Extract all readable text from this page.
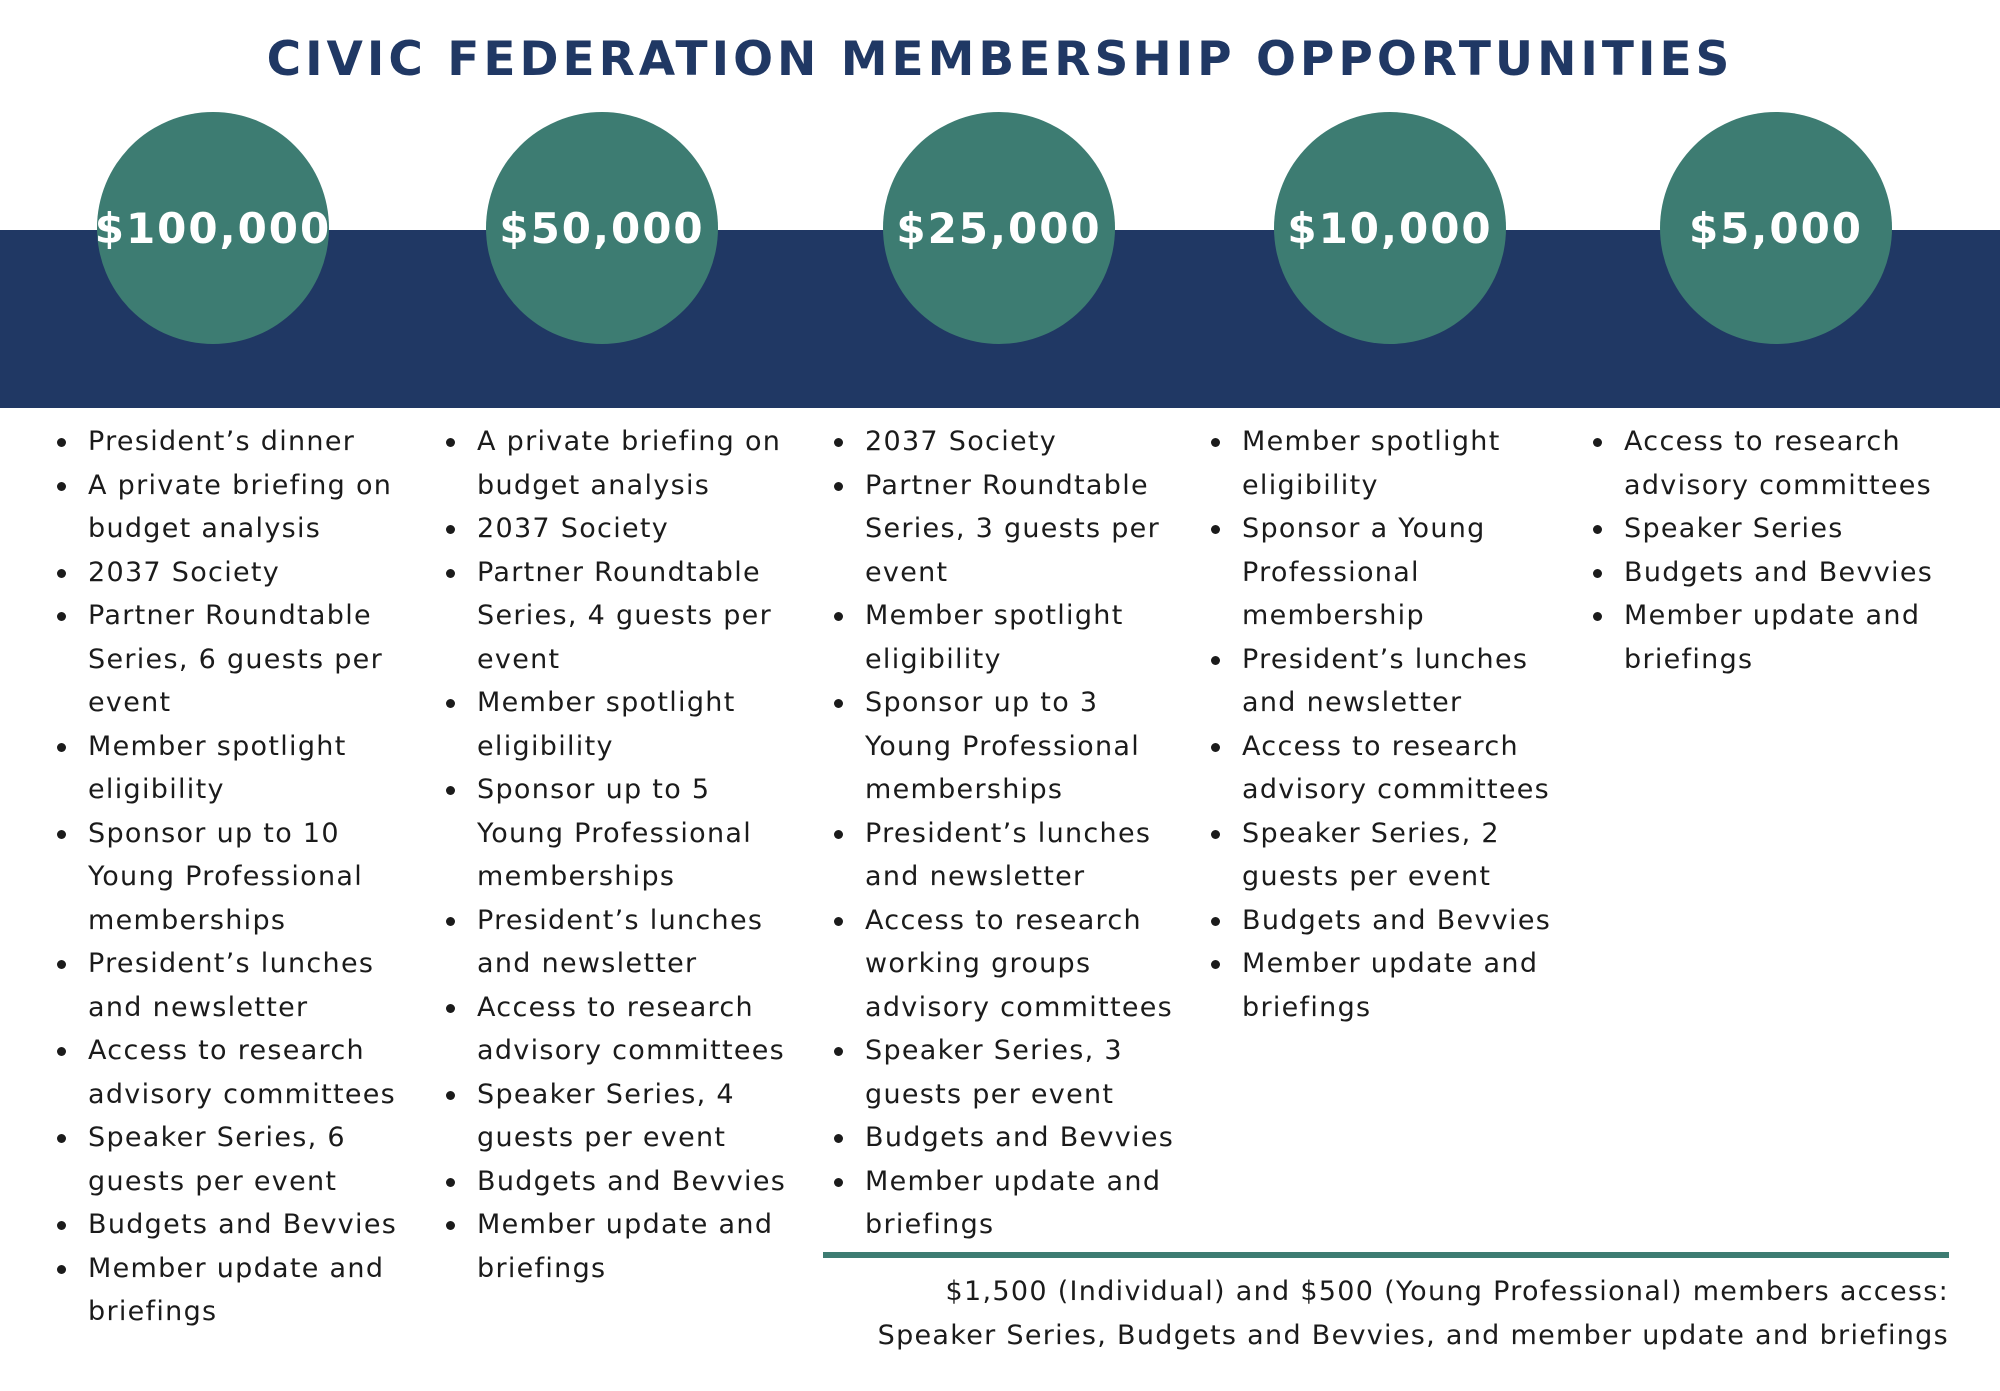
CIVIC FEDERATION MEMBERSHIP OPPORTUNITIES
$100,000
President’s dinner
A private briefing on
budget analysis
2037 Society
Partner Roundtable
Series, 6 guests per
event
Member spotlight
eligibility
Sponsor up to 10
Young Professional
memberships
President’s lunches
and newsletter
Access to research
advisory committees
Speaker Series, 6
guests per event
Budgets and Bevvies
Member update and
briefings
$50,000
A private briefing on
budget analysis
2037 Society
Partner Roundtable
Series, 4 guests per
event
Member spotlight
eligibility
Sponsor up to 5
Young Professional
memberships
President’s lunches
and newsletter
Access to research
advisory committees
Speaker Series, 4
guests per event
Budgets and Bevvies
Member update and
briefings
$25,000
2037 Society
Partner Roundtable
Series, 3 guests per
event
Member spotlight
eligibility
Sponsor up to 3
Young Professional
memberships
President’s lunches
and newsletter
Access to research
working groups
advisory committees
Speaker Series, 3
guests per event
Budgets and Bevvies
Member update and
briefings
$10,000
Member spotlight
eligibility
Sponsor a Young
Professional
membership
President’s lunches
and newsletter
Access to research
advisory committees
Speaker Series, 2
guests per event
Budgets and Bevvies
Member update and
briefings
$5,000
Access to research
advisory committees
Speaker Series
Budgets and Bevvies
Member update and
briefings
$1,500 (Individual) and $500 (Young Professional) members access:
Speaker Series, Budgets and Bevvies, and member update and briefings
